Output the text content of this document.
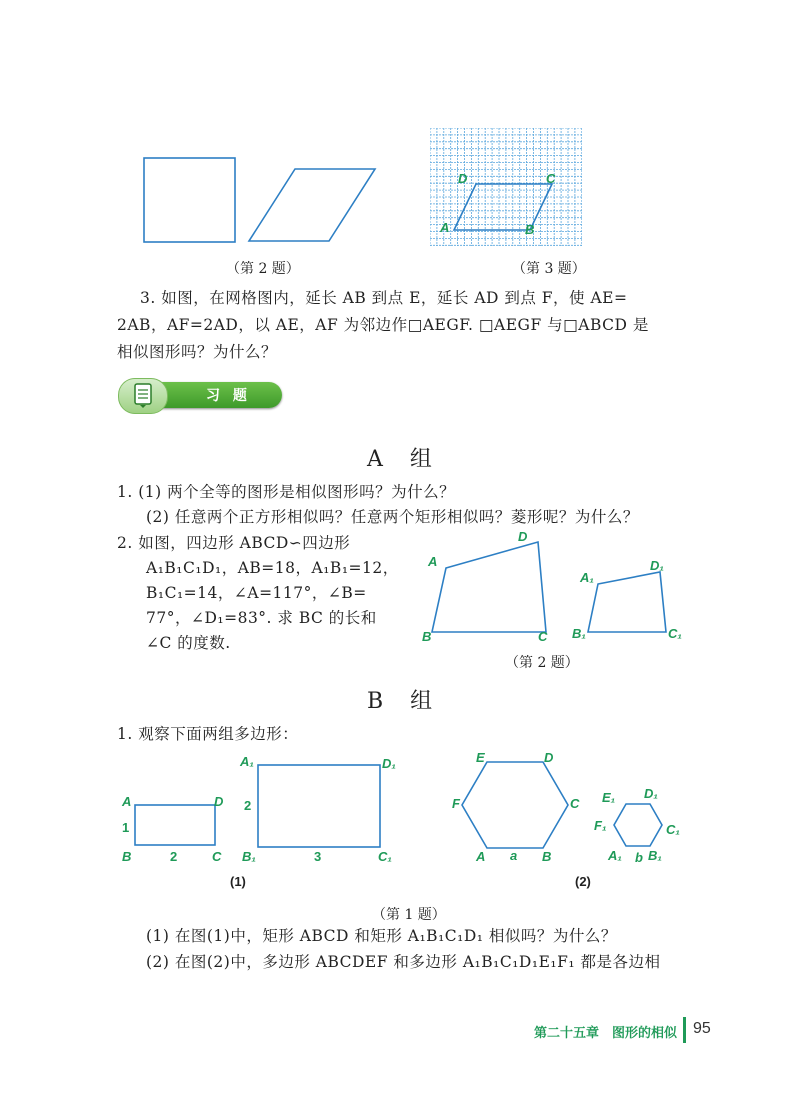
（第 2 题）
D	C
A	B
（第 3 题）
3. 如图，在网格图内，延长 AB 到点 E，延长 AD 到点 F，使 AE=
2AB，AF=2AD，以 AE，AF 为邻边作□AEGF. □AEGF 与□ABCD 是
相似图形吗？为什么？
习 题
A 组
1. (1) 两个全等的图形是相似图形吗？为什么？
(2) 任意两个正方形相似吗？任意两个矩形相似吗？菱形呢？为什么？
2. 如图，四边形 ABCD∽四边形
A₁B₁C₁D₁，AB=18，A₁B₁=12，
B₁C₁=14，∠A=117°，∠B=
77°，∠D₁=83°. 求 BC 的长和
∠C 的度数.
A
D
B	C
A₁
D₁
B₁	C₁
（第 2 题）
B 组
1. 观察下面两组多边形：
A	D
B	C
1
2
A₁	D₁
B₁	C₁
2
3
(1)
E	D
F	C
A	B
a
E₁ D₁
F₁	C₁
A₁ B₁
b
(2)
（第 1 题）
(1) 在图(1)中，矩形 ABCD 和矩形 A₁B₁C₁D₁ 相似吗？为什么？
(2) 在图(2)中，多边形 ABCDEF 和多边形 A₁B₁C₁D₁E₁F₁ 都是各边相
第二十五章　图形的相似 95
